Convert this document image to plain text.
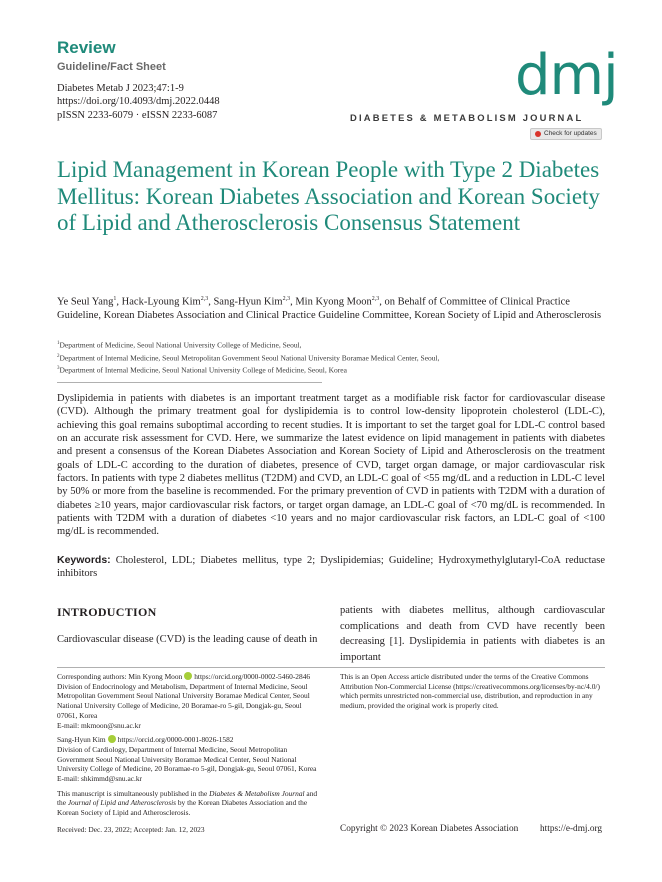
Review
Guideline/Fact Sheet
Diabetes Metab J 2023;47:1-9
https://doi.org/10.4093/dmj.2022.0448
pISSN 2233-6079 · eISSN 2233-6087
dmj
DIABETES & METABOLISM JOURNAL
Check for updates
Lipid Management in Korean People with Type 2 Diabetes Mellitus: Korean Diabetes Association and Korean Society of Lipid and Atherosclerosis Consensus Statement
Ye Seul Yang$^1$, Hack-Lyoung Kim$^{2,3}$, Sang-Hyun Kim$^{2,3}$, Min Kyong Moon$^{2,3}$, on Behalf of Committee of Clinical Practice Guideline, Korean Diabetes Association and Clinical Practice Guideline Committee, Korean Society of Lipid and Atherosclerosis
$^1$Department of Medicine, Seoul National University College of Medicine, Seoul,
$^2$Department of Internal Medicine, Seoul Metropolitan Government Seoul National University Boramae Medical Center, Seoul,
$^3$Department of Internal Medicine, Seoul National University College of Medicine, Seoul, Korea

Dyslipidemia in patients with diabetes is an important treatment target as a modifiable risk factor for cardiovascular disease (CVD). Although the primary treatment goal for dyslipidemia is to control low-density lipoprotein cholesterol (LDL-C), achieving this goal remains suboptimal according to recent studies. It is important to set the target goal for LDL-C control based on an accurate risk assessment for CVD. Here, we summarize the latest evidence on lipid management in patients with diabetes and present a consensus of the Korean Diabetes Association and Korean Society of Lipid and Atherosclerosis on the treatment goals of LDL-C according to the duration of diabetes, presence of CVD, target organ damage, or major cardiovascular risk factors. In patients with type 2 diabetes mellitus (T2DM) and CVD, an LDL-C goal of <55 mg/dL and a reduction in LDL-C level by 50% or more from the baseline is recommended. For the primary prevention of CVD in patients with T2DM with a duration of diabetes ≥10 years, major cardiovascular risk factors, or target organ damage, an LDL-C goal of <70 mg/dL is recommended. In patients with T2DM with a duration of diabetes <10 years and no major cardiovascular risk factors, an LDL-C goal of <100 mg/dL is recommended.

Keywords: Cholesterol, LDL; Diabetes mellitus, type 2; Dyslipidemias; Guideline; Hydroxymethylglutaryl-CoA reductase inhibitors

INTRODUCTION

Cardiovascular disease (CVD) is the leading cause of death in

patients with diabetes mellitus, although cardiovascular complications and death from CVD have recently been decreasing [1]. Dyslipidemia in patients with diabetes is an important

Corresponding authors: Min Kyong Moon https://orcid.org/0000-0002-5460-2846
Division of Endocrinology and Metabolism, Department of Internal Medicine, Seoul Metropolitan Government Seoul National University Boramae Medical Center, Seoul National University College of Medicine, 20 Boramae-ro 5-gil, Dongjak-gu, Seoul 07061, Korea
E-mail: mkmoon@snu.ac.kr

Sang-Hyun Kim https://orcid.org/0000-0001-8026-1582
Division of Cardiology, Department of Internal Medicine, Seoul Metropolitan Government Seoul National University Boramae Medical Center, Seoul National University College of Medicine, 20 Boramae-ro 5-gil, Dongjak-gu, Seoul 07061, Korea
E-mail: shkimmd@snu.ac.kr

This manuscript is simultaneously published in the Diabetes & Metabolism Journal and the Journal of Lipid and Atherosclerosis by the Korean Diabetes Association and the Korean Society of Lipid and Atherosclerosis.

This is an Open Access article distributed under the terms of the Creative Commons Attribution Non-Commercial License (https://creativecommons.org/licenses/by-nc/4.0/) which permits unrestricted non-commercial use, distribution, and reproduction in any medium, provided the original work is properly cited.
Received: Dec. 23, 2022; Accepted: Jan. 12, 2023	Copyright © 2023 Korean Diabetes Association https://e-dmj.org
